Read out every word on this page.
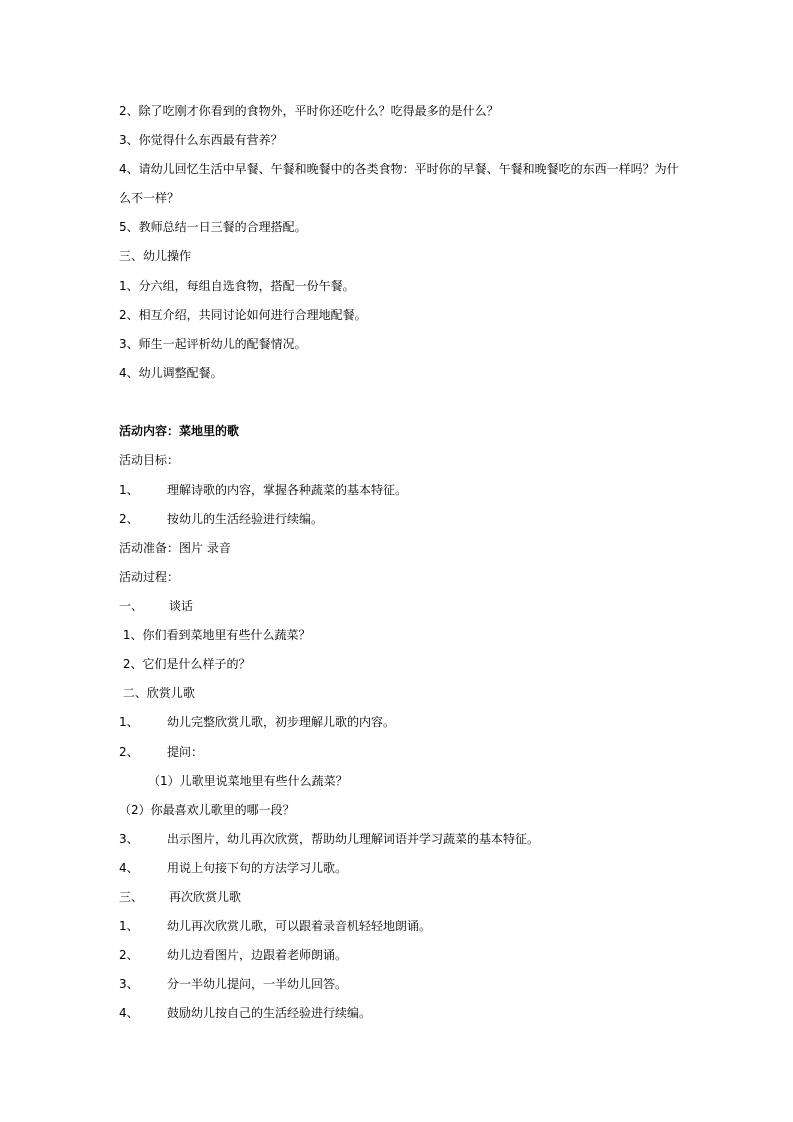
2、除了吃刚才你看到的食物外，平时你还吃什么？吃得最多的是什么？
3、你觉得什么东西最有营养？
4、请幼儿回忆生活中早餐、午餐和晚餐中的各类食物：平时你的早餐、午餐和晚餐吃的东西一样吗？为什
么不一样？
5、教师总结一日三餐的合理搭配。
三、幼儿操作
1、分六组，每组自选食物，搭配一份午餐。
2、相互介绍，共同讨论如何进行合理地配餐。
3、师生一起评析幼儿的配餐情况。
4、幼儿调整配餐。
活动内容：菜地里的歌
活动目标：
1、 理解诗歌的内容，掌握各种蔬菜的基本特征。
2、 按幼儿的生活经验进行续编。
活动准备：图片 录音
活动过程：
一、 谈话
1、你们看到菜地里有些什么蔬菜？
2、它们是什么样子的？
二、欣赏儿歌
1、 幼儿完整欣赏儿歌，初步理解儿歌的内容。
2、 提问：
（1）儿歌里说菜地里有些什么蔬菜？
（2）你最喜欢儿歌里的哪一段？
3、 出示图片，幼儿再次欣赏，帮助幼儿理解词语并学习蔬菜的基本特征。
4、 用说上句接下句的方法学习儿歌。
三、 再次欣赏儿歌
1、 幼儿再次欣赏儿歌，可以跟着录音机轻轻地朗诵。
2、 幼儿边看图片，边跟着老师朗诵。
3、 分一半幼儿提问，一半幼儿回答。
4、 鼓励幼儿按自己的生活经验进行续编。
